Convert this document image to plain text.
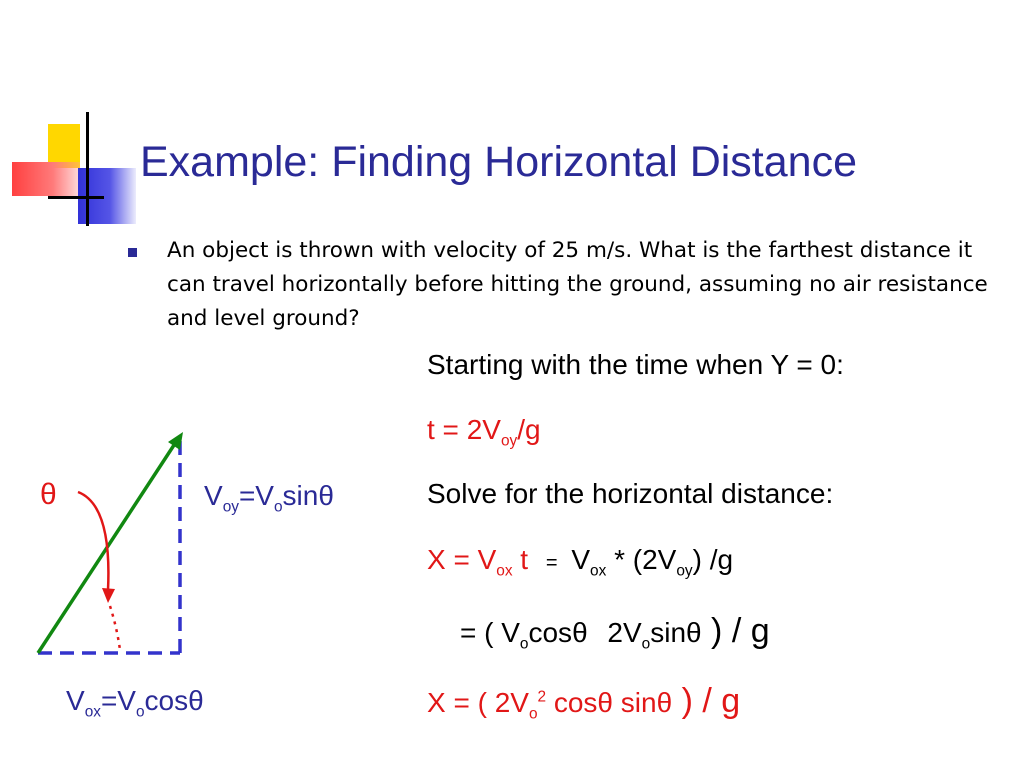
Example: Finding Horizontal Distance

An object is thrown with velocity of 25 m/s. What is the farthest distance it can travel horizontally before hitting the ground, assuming no air resistance and level ground?

θ	$V_{oy}=V_o\sin\theta$
$V_{ox}=V_o\cos\theta$
Starting with the time when Y = 0:
$t = 2V_{oy}/g$
Solve for the horizontal distance:
$X = V_{ox}$ $t = V_{ox} * (2V_{oy})$ /g
= ( $V_o\cos\theta$ $2V_o\sin\theta$ ) / g
X = ( $2V_o^2$ cosθ sinθ ) / g
